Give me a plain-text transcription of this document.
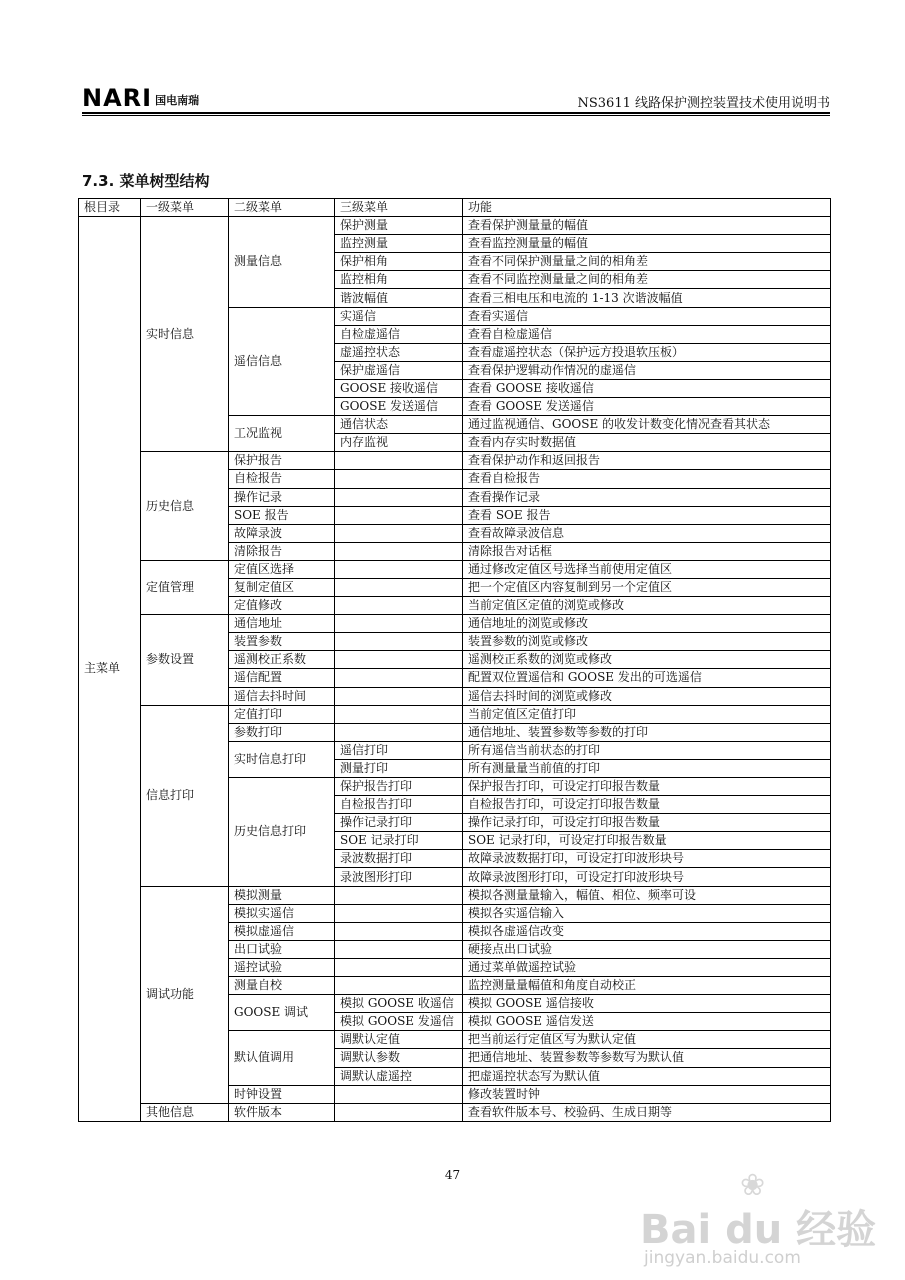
NARI 国电南瑞	NS3611 线路保护测控装置技术使用说明书
7.3. 菜单树型结构
根目录	一级菜单	二级菜单	三级菜单	功能
主菜单	实时信息	测量信息	保护测量	查看保护测量量的幅值
			监控测量	查看监控测量量的幅值
			保护相角	查看不同保护测量量之间的相角差
			监控相角	查看不同监控测量量之间的相角差
			谐波幅值	查看三相电压和电流的 1-13 次谐波幅值
		遥信信息	实遥信	查看实遥信
			自检虚遥信	查看自检虚遥信
			虚遥控状态	查看虚遥控状态（保护远方投退软压板）
			保护虚遥信	查看保护逻辑动作情况的虚遥信
			GOOSE 接收遥信	查看 GOOSE 接收遥信
			GOOSE 发送遥信	查看 GOOSE 发送遥信
		工况监视	通信状态	通过监视通信、GOOSE 的收发计数变化情况查看其状态
			内存监视	查看内存实时数据值
	历史信息	保护报告		查看保护动作和返回报告
		自检报告		查看自检报告
		操作记录		查看操作记录
		SOE 报告		查看 SOE 报告
		故障录波		查看故障录波信息
		清除报告		清除报告对话框
	定值管理	定值区选择		通过修改定值区号选择当前使用定值区
		复制定值区		把一个定值区内容复制到另一个定值区
		定值修改		当前定值区定值的浏览或修改
	参数设置	通信地址		通信地址的浏览或修改
		装置参数		装置参数的浏览或修改
		遥测校正系数		遥测校正系数的浏览或修改
		遥信配置		配置双位置遥信和 GOOSE 发出的可选遥信
		遥信去抖时间		遥信去抖时间的浏览或修改
	信息打印	定值打印		当前定值区定值打印
		参数打印		通信地址、装置参数等参数的打印
		实时信息打印	遥信打印	所有遥信当前状态的打印
			测量打印	所有测量量当前值的打印
		历史信息打印	保护报告打印	保护报告打印，可设定打印报告数量
			自检报告打印	自检报告打印，可设定打印报告数量
			操作记录打印	操作记录打印，可设定打印报告数量
			SOE 记录打印	SOE 记录打印，可设定打印报告数量
			录波数据打印	故障录波数据打印，可设定打印波形块号
			录波图形打印	故障录波图形打印，可设定打印波形块号
	调试功能	模拟测量		模拟各测量量输入，幅值、相位、频率可设
		模拟实遥信		模拟各实遥信输入
		模拟虚遥信		模拟各虚遥信改变
		出口试验		硬接点出口试验
		遥控试验		通过菜单做遥控试验
		测量自校		监控测量量幅值和角度自动校正
		GOOSE 调试	模拟 GOOSE 收遥信	模拟 GOOSE 遥信接收
			模拟 GOOSE 发遥信	模拟 GOOSE 遥信发送
		默认值调用	调默认定值	把当前运行定值区写为默认定值
			调默认参数	把通信地址、装置参数等参数写为默认值
			调默认虚遥控	把虚遥控状态写为默认值
		时钟设置		修改装置时钟
	其他信息	软件版本		查看软件版本号、校验码、生成日期等
47	❀
Bai du 经验
jingyan.baidu.com
